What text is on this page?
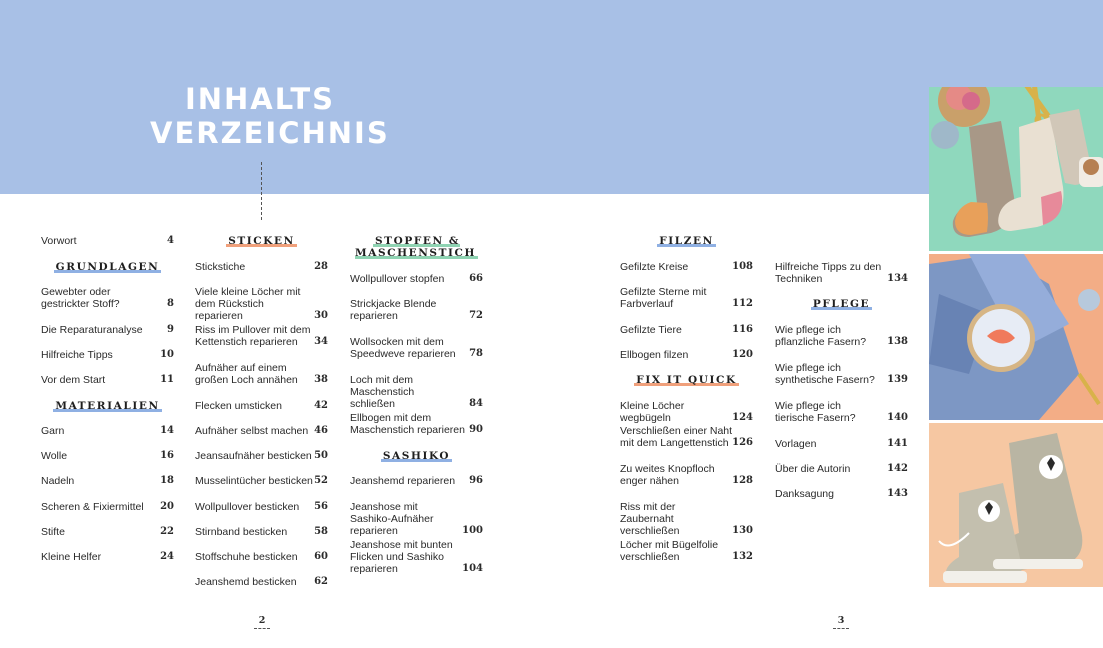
INHALTS
VERZEICHNIS
Vorwort	4
GRUNDLAGEN
Gewebter oder gestrickter Stoff?	8
Die Reparaturanalyse 9
Hilfreiche Tipps	10
Vor dem Start	11
MATERIALIEN
Garn	14
Wolle	16
Nadeln	18
Scheren & Fixiermittel 20
Stifte	22
Kleine Helfer	24
STICKEN
Stickstiche	28
Viele kleine Löcher mit dem Rückstich reparieren	30
Riss im Pullover mit dem Kettenstich reparieren	34
Aufnäher auf einem großen Loch annähen	38
Flecken umsticken	42
Aufnäher selbst machen 46
Jeansaufnäher besticken 50
Musselintücher besticken 52
Wollpullover besticken 56
Stirnband besticken	58
Stoffschuhe besticken 60
Jeanshemd besticken 62
STOPFEN & MASCHENSTICH
Wollpullover stopfen 66
Strickjacke Blende reparieren	72
Wollsocken mit dem Speedweve reparieren	78
Loch mit dem Maschenstich schließen	84
Ellbogen mit dem Maschenstich reparieren 90
SASHIKO
Jeanshemd reparieren 96
Jeanshose mit Sashiko-Aufnäher reparieren	100
Jeanshose mit bunten Flicken und Sashiko reparieren	104
FILZEN
Gefilzte Kreise	108
Gefilzte Sterne mit Farbverlauf	112
Gefilzte Tiere	116
Ellbogen filzen	120
FIX IT QUICK
Kleine Löcher wegbügeln	124
Verschließen einer Naht mit dem Langettenstich 126
Zu weites Knopfloch enger nähen	128
Riss mit der Zaubernaht verschließen	130
Löcher mit Bügelfolie verschließen	132
Hilfreiche Tipps zu den Techniken	134
PFLEGE
Wie pflege ich pflanzliche Fasern?	138
Wie pflege ich synthetische Fasern?	139
Wie pflege ich tierische Fasern?	140
Vorlagen	141
Über die Autorin	142
Danksagung	143
2	3
